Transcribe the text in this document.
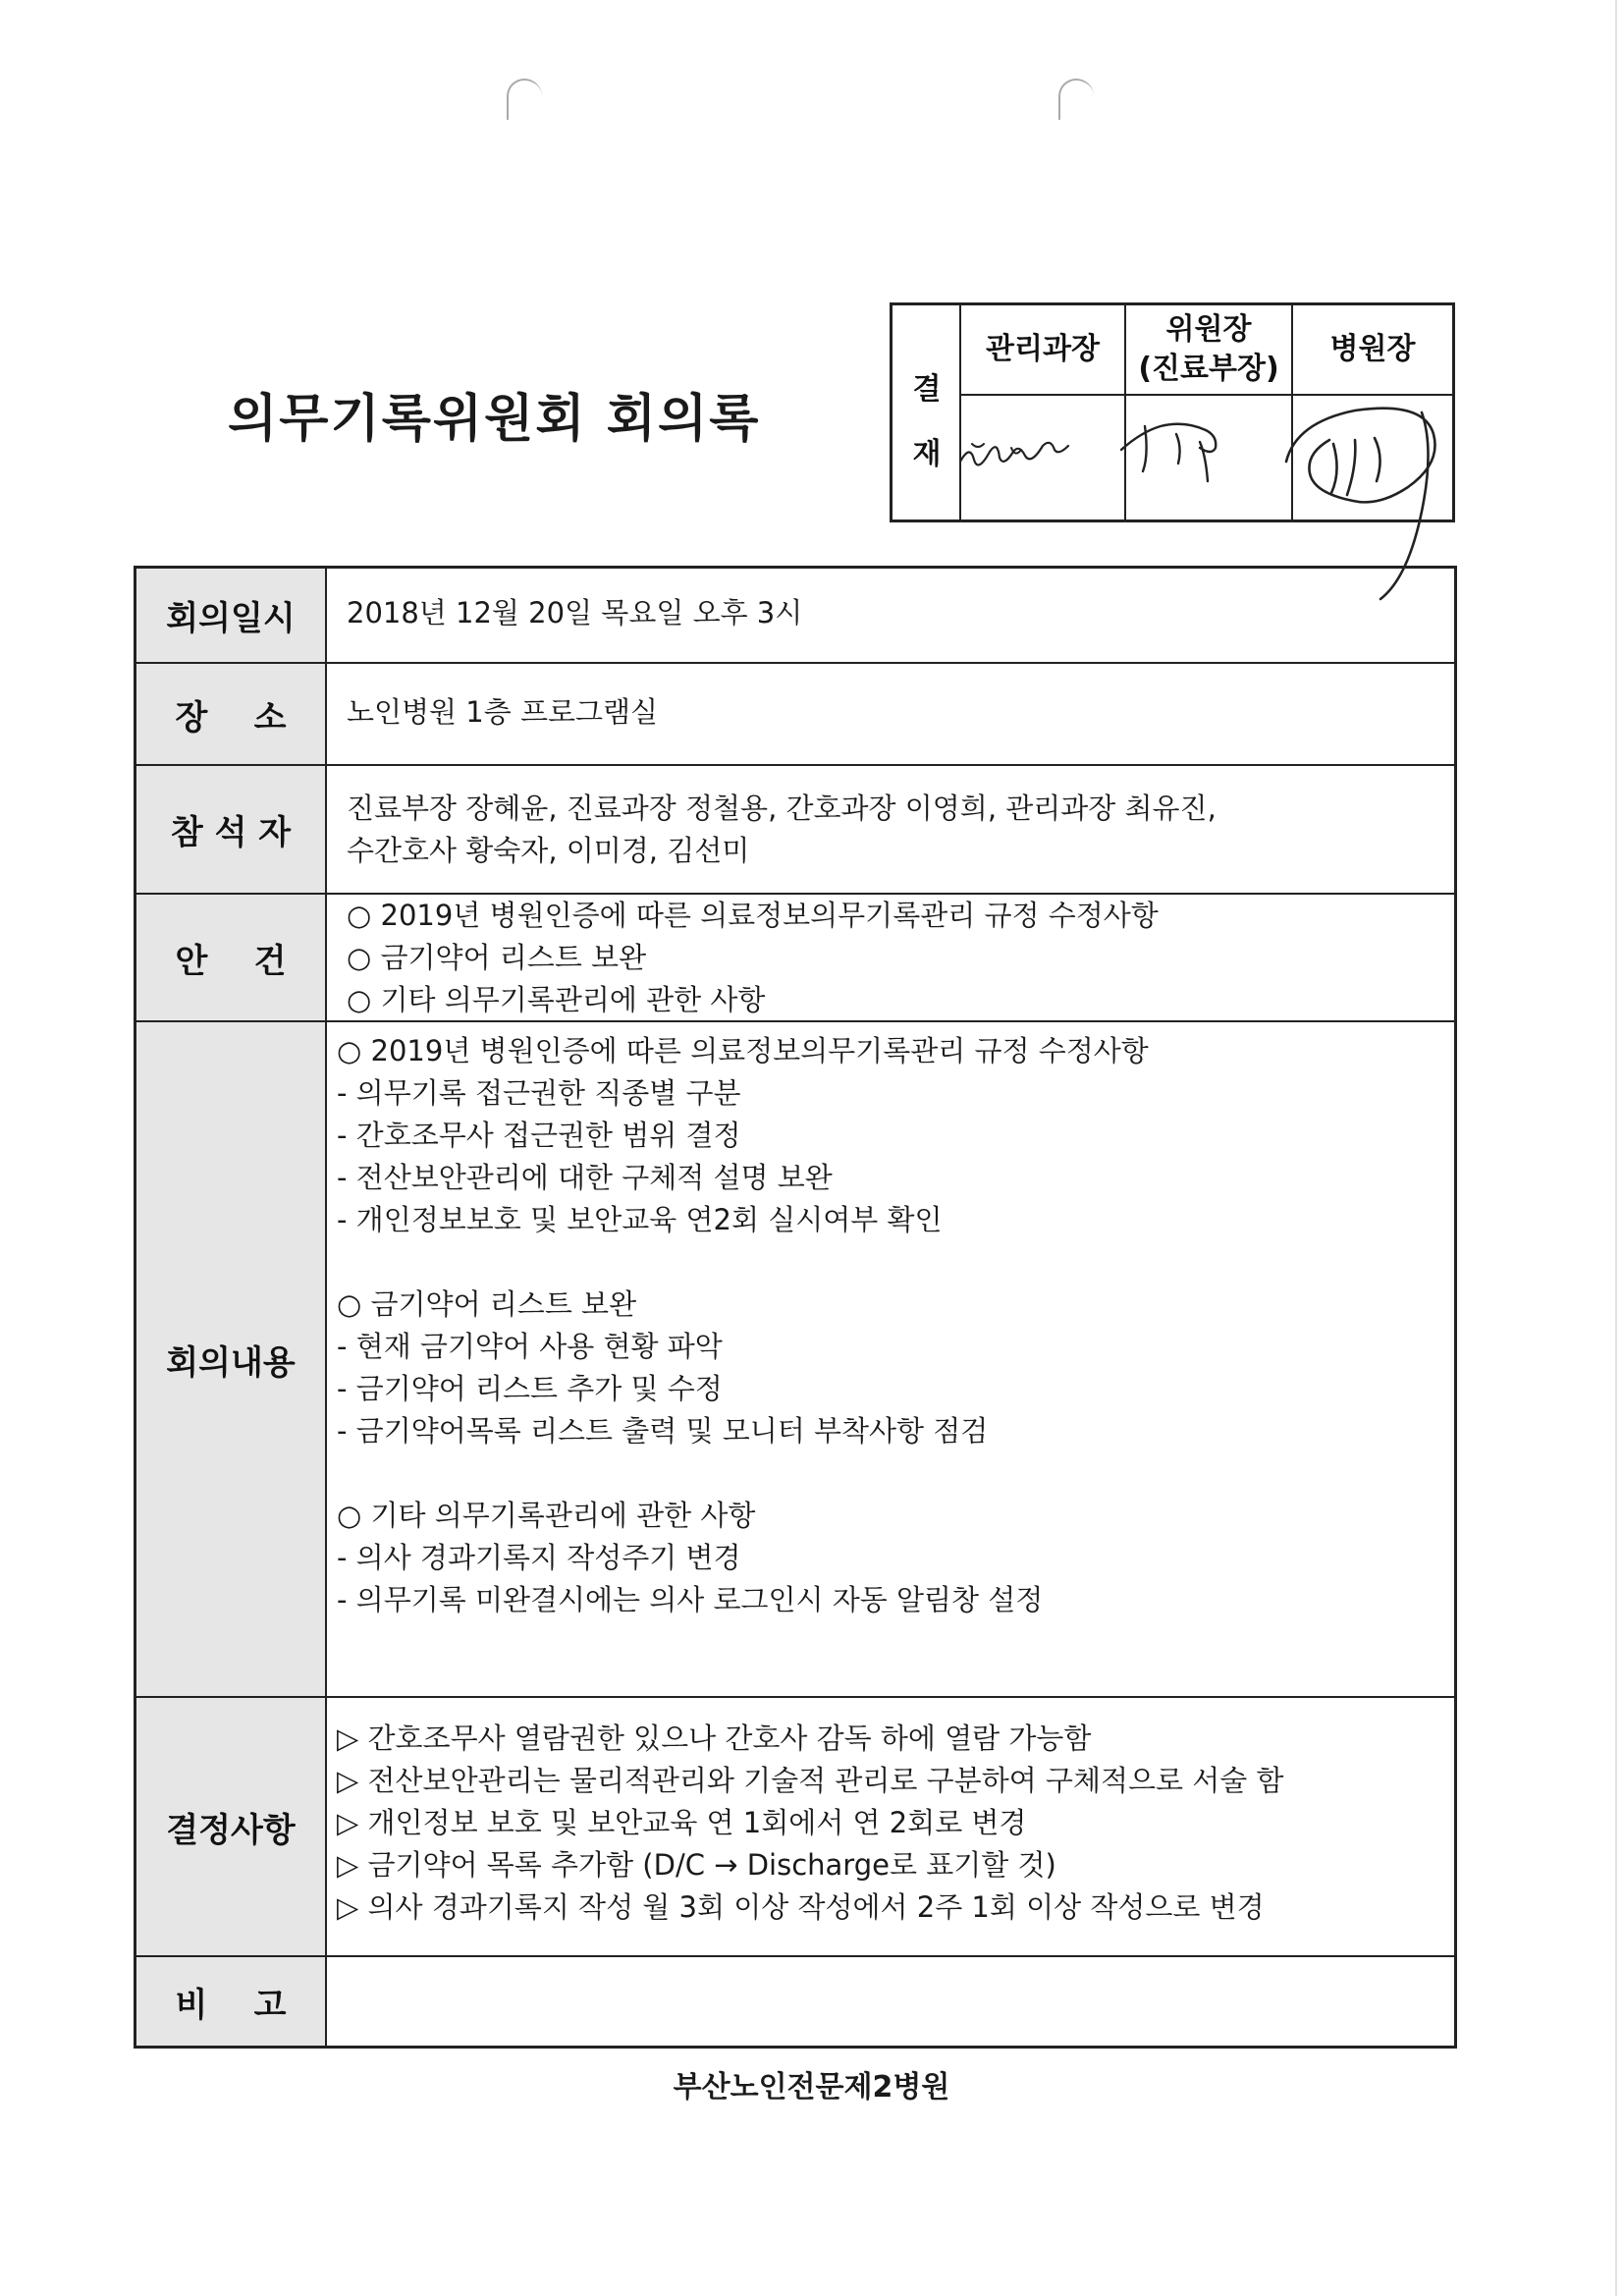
의무기록위원회 회의록
결
재
관리과장
위원장
(진료부장)
병원장
회의일시	2018년 12월 20일 목요일 오후 3시
장    소	노인병원 1층 프로그램실
참 석 자
진료부장 장혜윤, 진료과장 정철용, 간호과장 이영희, 관리과장 최유진,
수간호사 황숙자, 이미경, 김선미
안    건
○ 2019년 병원인증에 따른 의료정보의무기록관리 규정 수정사항
○ 금기약어 리스트 보완
○ 기타 의무기록관리에 관한 사항
회의내용
○ 2019년 병원인증에 따른 의료정보의무기록관리 규정 수정사항
- 의무기록 접근권한 직종별 구분
- 간호조무사 접근권한 범위 결정
- 전산보안관리에 대한 구체적 설명 보완
- 개인정보보호 및 보안교육 연2회 실시여부 확인
○ 금기약어 리스트 보완
- 현재 금기약어 사용 현황 파악
- 금기약어 리스트 추가 및 수정
- 금기약어목록 리스트 출력 및 모니터 부착사항 점검
○ 기타 의무기록관리에 관한 사항
- 의사 경과기록지 작성주기 변경
- 의무기록 미완결시에는 의사 로그인시 자동 알림창 설정
결정사항
▷ 간호조무사 열람권한 있으나 간호사 감독 하에 열람 가능함
▷ 전산보안관리는 물리적관리와 기술적 관리로 구분하여 구체적으로 서술 함
▷ 개인정보 보호 및 보안교육 연 1회에서 연 2회로 변경
▷ 금기약어 목록 추가함 (D/C → Discharge로 표기할 것)
▷ 의사 경과기록지 작성 월 3회 이상 작성에서 2주 1회 이상 작성으로 변경
비    고
부산노인전문제2병원
